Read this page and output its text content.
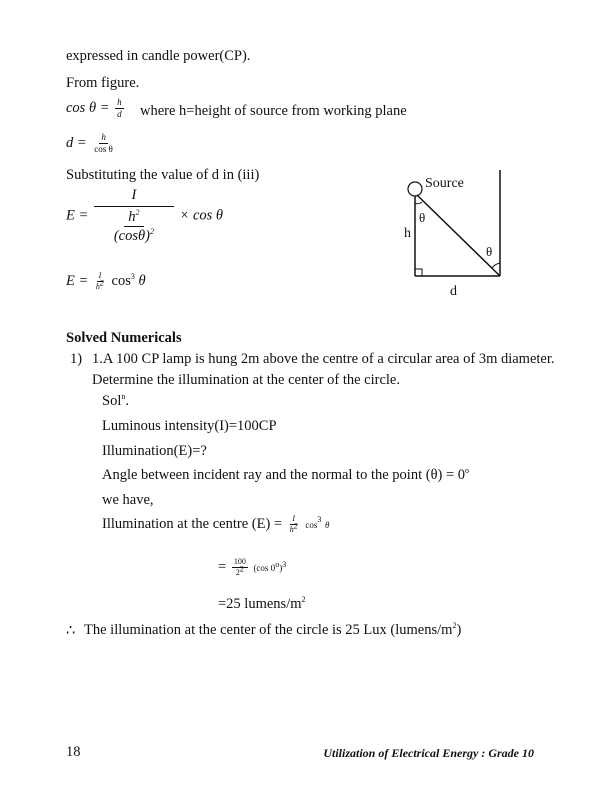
expressed in candle power(CP).
From figure.
$\cos \theta = \frac{h}{d}$ where h=height of source from working plane
$d = \frac{h}{\text{cos θ}}$
Substituting the value of d in (iii)
E = I
$h^2$
$(\cos\theta)^2 \times \cos \theta$
$E = \frac{I}{h^2} \cos^3 \theta$
Source
θ
h
θ
d
Solved Numericals
1) 1.A 100 CP lamp is hung 2m above the centre of a circular area of 3m diameter.
Determine the illumination at the center of the circle.
Sol$^n$.
Luminous intensity(I)=100CP
Illumination(E)=?
Angle between incident ray and the normal to the point $(\theta) = 0^o$
we have,
Illumination at the centre $(E) = \frac{I}{h^2} \cos^3 \theta$
= $\frac{100}{2^2} (\cos$ $0^o)^3$
=25 lumens/$m^2$
∴ The illumination at the center of the circle is 25 Lux $(lumens/m^2)$
18	Utilization of Electrical Energy : Grade 10
